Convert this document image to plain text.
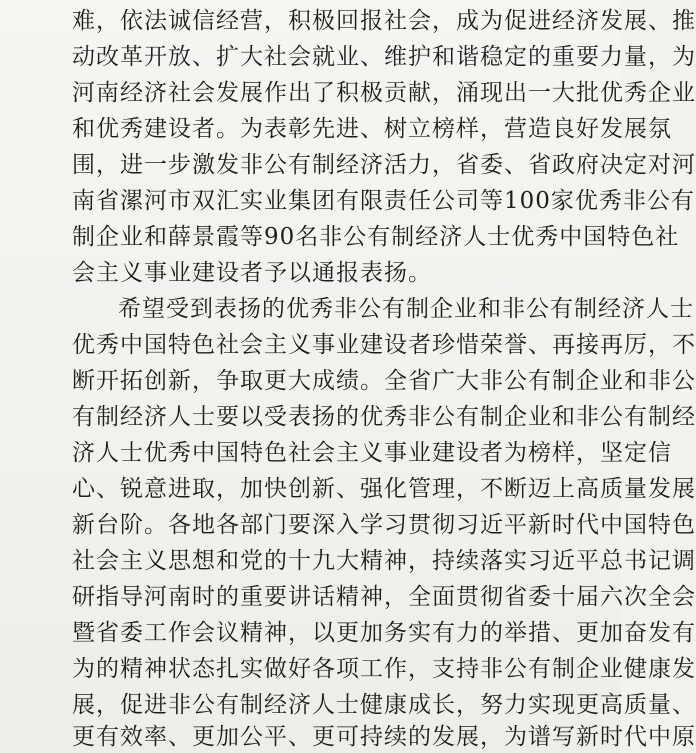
难，依法诚信经营，积极回报社会，成为促进经济发展、推
动改革开放、扩大社会就业、维护和谐稳定的重要力量，为
河南经济社会发展作出了积极贡献，涌现出一大批优秀企业
和优秀建设者。为表彰先进、树立榜样，营造良好发展氛
围，进一步激发非公有制经济活力，省委、省政府决定对河
南省漯河市双汇实业集团有限责任公司等100家优秀非公有
制企业和薛景霞等90名非公有制经济人士优秀中国特色社
会主义事业建设者予以通报表扬。
希望受到表扬的优秀非公有制企业和非公有制经济人士
优秀中国特色社会主义事业建设者珍惜荣誉、再接再厉，不
断开拓创新，争取更大成绩。全省广大非公有制企业和非公
有制经济人士要以受表扬的优秀非公有制企业和非公有制经
济人士优秀中国特色社会主义事业建设者为榜样，坚定信
心、锐意进取，加快创新、强化管理，不断迈上高质量发展
新台阶。各地各部门要深入学习贯彻习近平新时代中国特色
社会主义思想和党的十九大精神，持续落实习近平总书记调
研指导河南时的重要讲话精神，全面贯彻省委十届六次全会
暨省委工作会议精神，以更加务实有力的举措、更加奋发有
为的精神状态扎实做好各项工作，支持非公有制企业健康发
展，促进非公有制经济人士健康成长，努力实现更高质量、
更有效率、更加公平、更可持续的发展，为谱写新时代中原
